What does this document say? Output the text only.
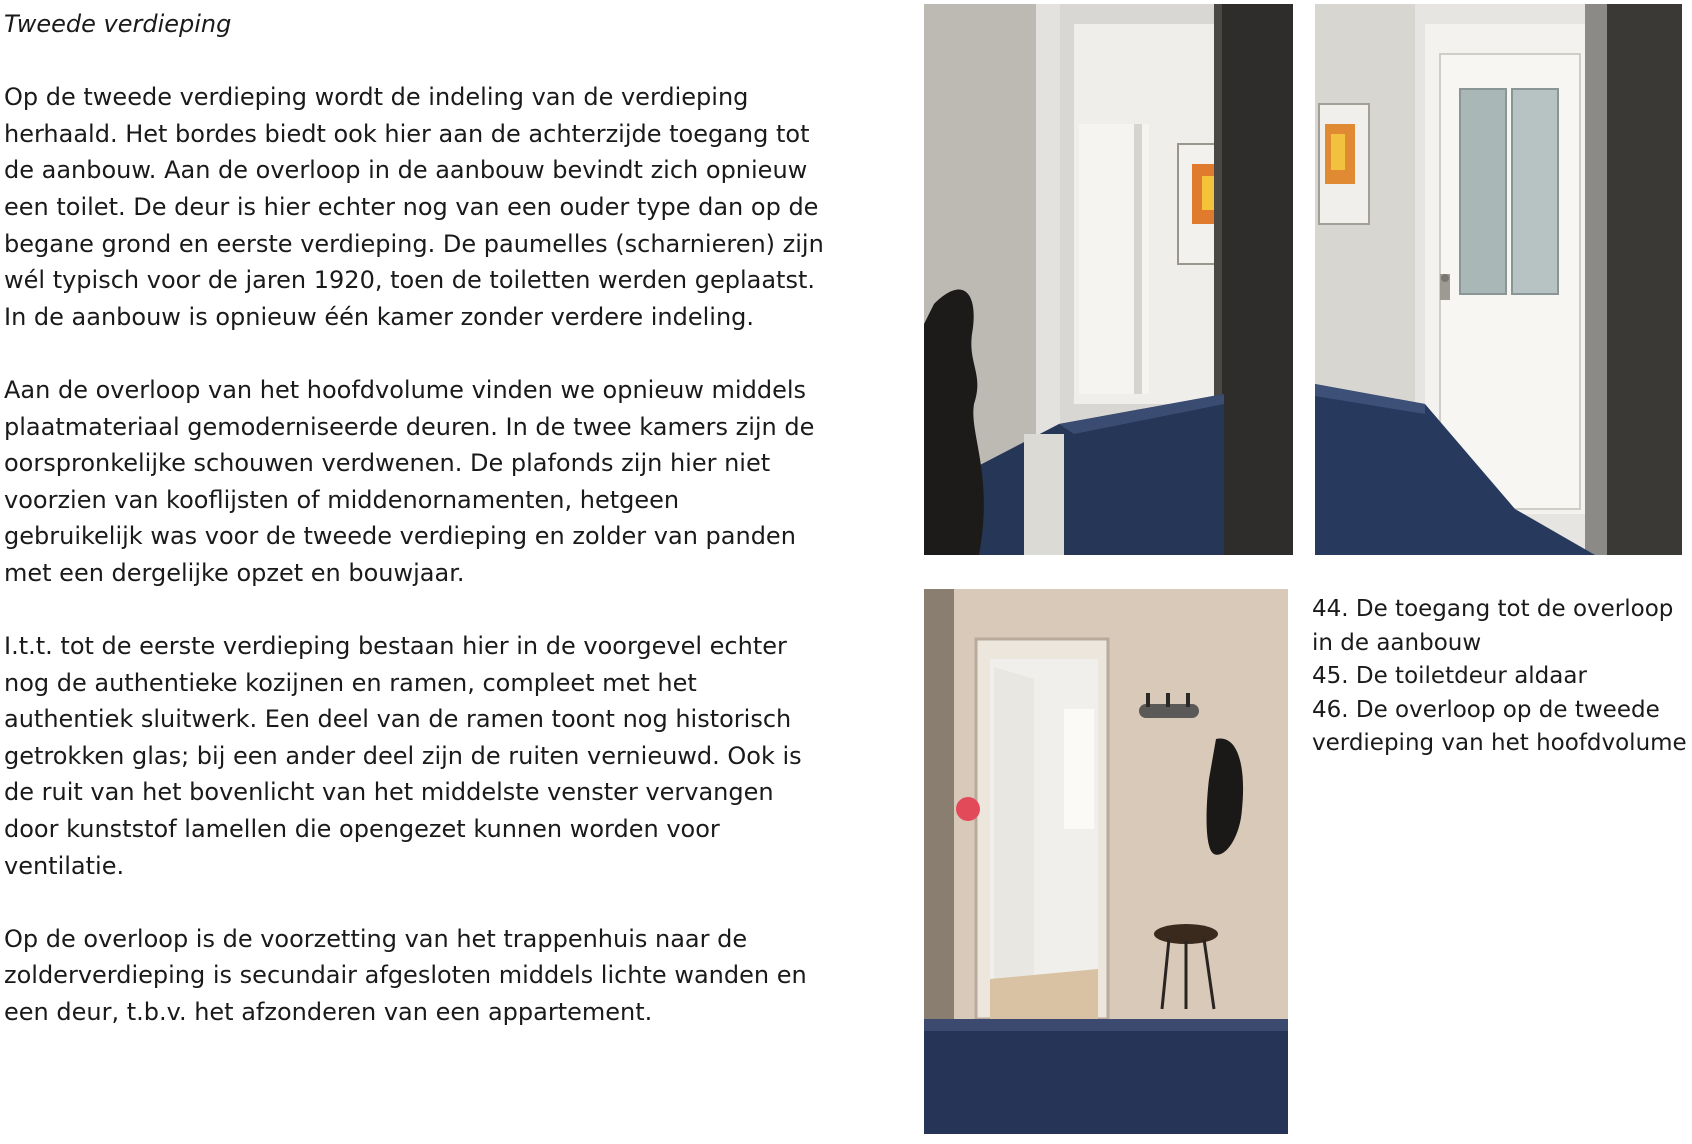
Tweede verdieping

Op de tweede verdieping wordt de indeling van de verdieping herhaald. Het bordes biedt ook hier aan de achterzijde toegang tot de aanbouw. Aan de overloop in de aanbouw bevindt zich opnieuw een toilet. De deur is hier echter nog van een ouder type dan op de begane grond en eerste verdieping. De paumelles (scharnieren) zijn wél typisch voor de jaren 1920, toen de toiletten werden geplaatst. In de aanbouw is opnieuw één kamer zonder verdere indeling.

Aan de overloop van het hoofdvolume vinden we opnieuw middels plaatmateriaal gemoderniseerde deuren. In de twee kamers zijn de oorspronkelijke schouwen verdwenen. De plafonds zijn hier niet voorzien van kooflijsten of middenornamenten, hetgeen gebruikelijk was voor de tweede verdieping en zolder van panden met een dergelijke opzet en bouwjaar.

I.t.t. tot de eerste verdieping bestaan hier in de voorgevel echter nog de authentieke kozijnen en ramen, compleet met het authentiek sluitwerk. Een deel van de ramen toont nog historisch getrokken glas; bij een ander deel zijn de ruiten vernieuwd. Ook is de ruit van het bovenlicht van het middelste venster vervangen door kunststof lamellen die opengezet kunnen worden voor ventilatie.

Op de overloop is de voorzetting van het trappenhuis naar de zolderverdieping is secundair afgesloten middels lichte wanden en een deur, t.b.v. het afzonderen van een appartement.

44. De toegang tot de overloop in de aanbouw

45. De toiletdeur aldaar

46. De overloop op de tweede verdieping van het hoofdvolume
